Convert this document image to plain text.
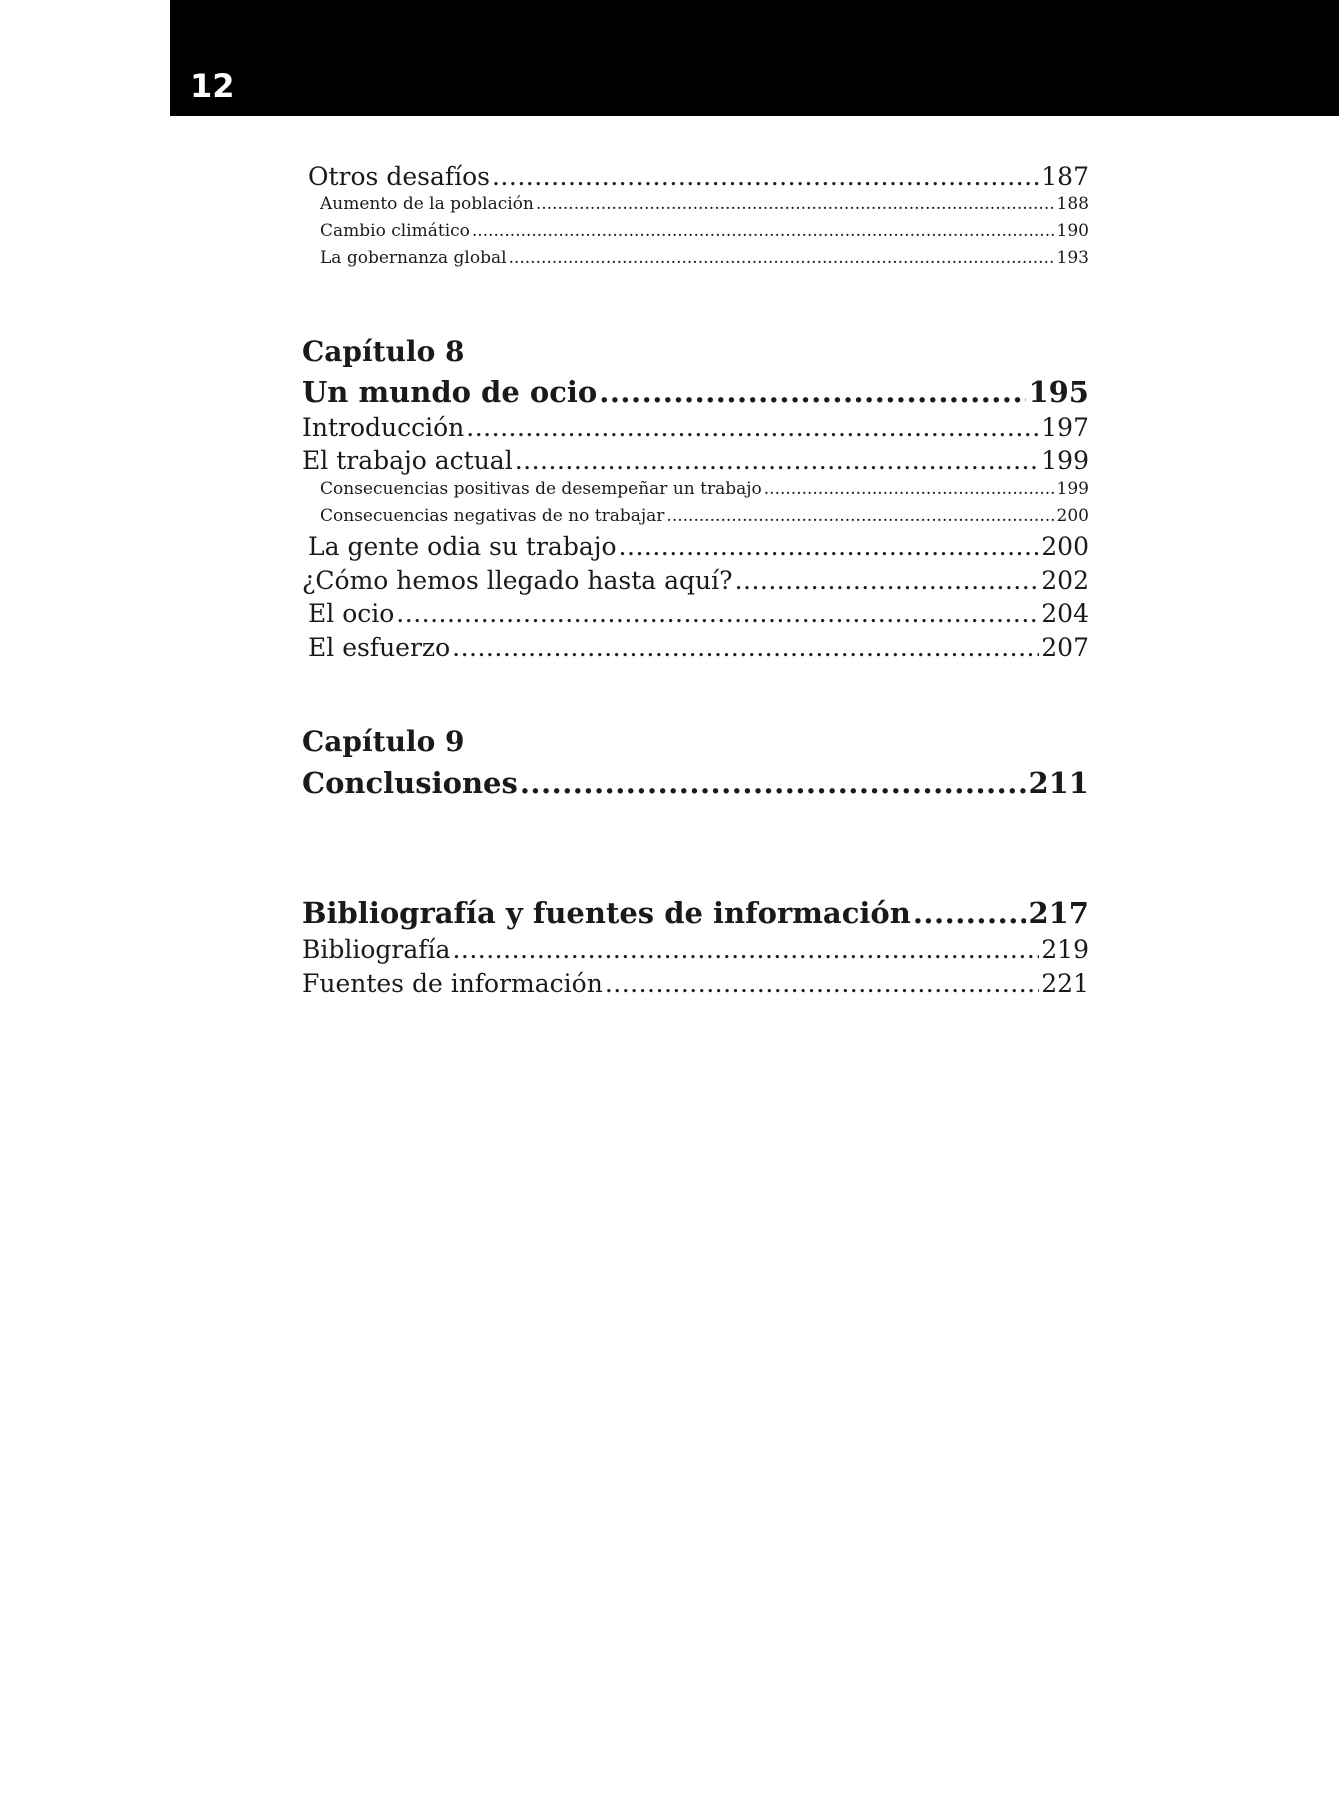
12
Otros desafíos .....	187
Aumento de la población .....	188
Cambio climático .....	190
La gobernanza global .....	193
Capítulo 8
Un mundo de ocio .....	195
Introducción .....	197
El trabajo actual .....	199
Consecuencias positivas de desempeñar un trabajo .....	199
Consecuencias negativas de no trabajar .....	200
La gente odia su trabajo .....	200
¿Cómo hemos llegado hasta aquí? .....	202
El ocio .....	204
El esfuerzo .....	207
Capítulo 9
Conclusiones .....	211
Bibliografía y fuentes de información .....	217
Bibliografía .....	219
Fuentes de información .....	221
